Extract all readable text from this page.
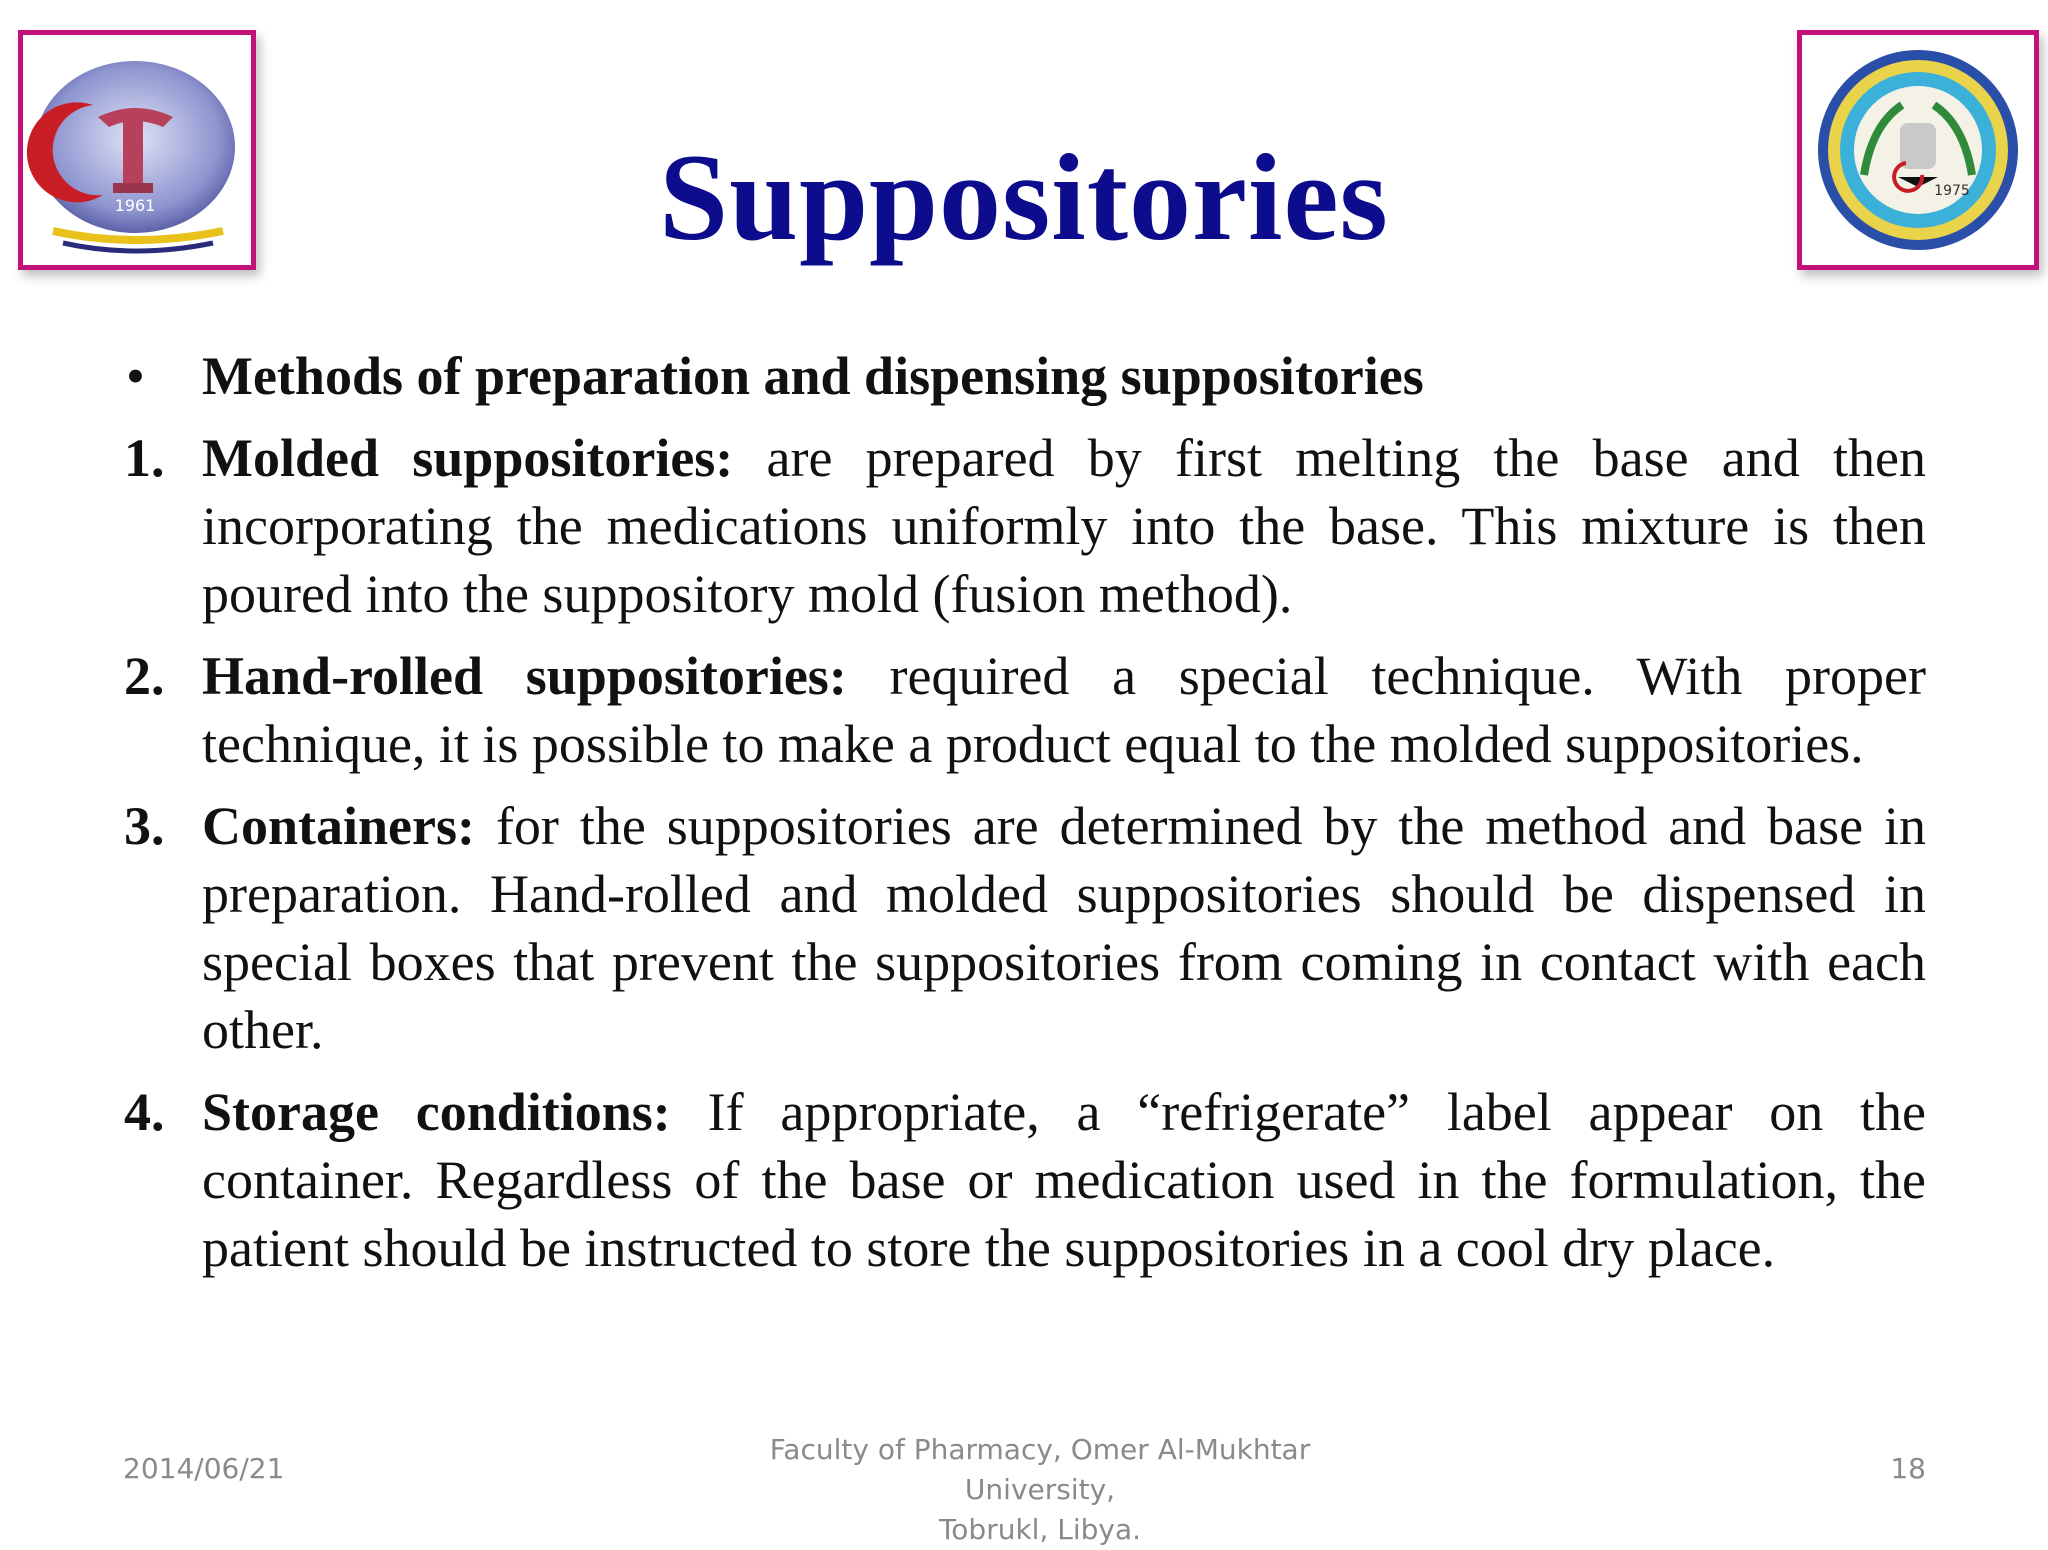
1961
1975
Suppositories
• Methods of preparation and dispensing suppositories
1. Molded suppositories: are prepared by first melting the base and then incorporating the medications uniformly into the base. This mixture is then poured into the suppository mold (fusion method).
2. Hand-rolled suppositories: required a special technique. With proper technique, it is possible to make a product equal to the molded suppositories.
3. Containers: for the suppositories are determined by the method and base in preparation. Hand-rolled and molded suppositories should be dispensed in special boxes that prevent the suppositories from coming in contact with each other.
4. Storage conditions: If appropriate, a “refrigerate” label appear on the container. Regardless of the base or medication used in the formulation, the patient should be instructed to store the suppositories in a cool dry place.
2014/06/21
Faculty of Pharmacy, Omer Al-Mukhtar University,
Tobrukl, Libya.
18
